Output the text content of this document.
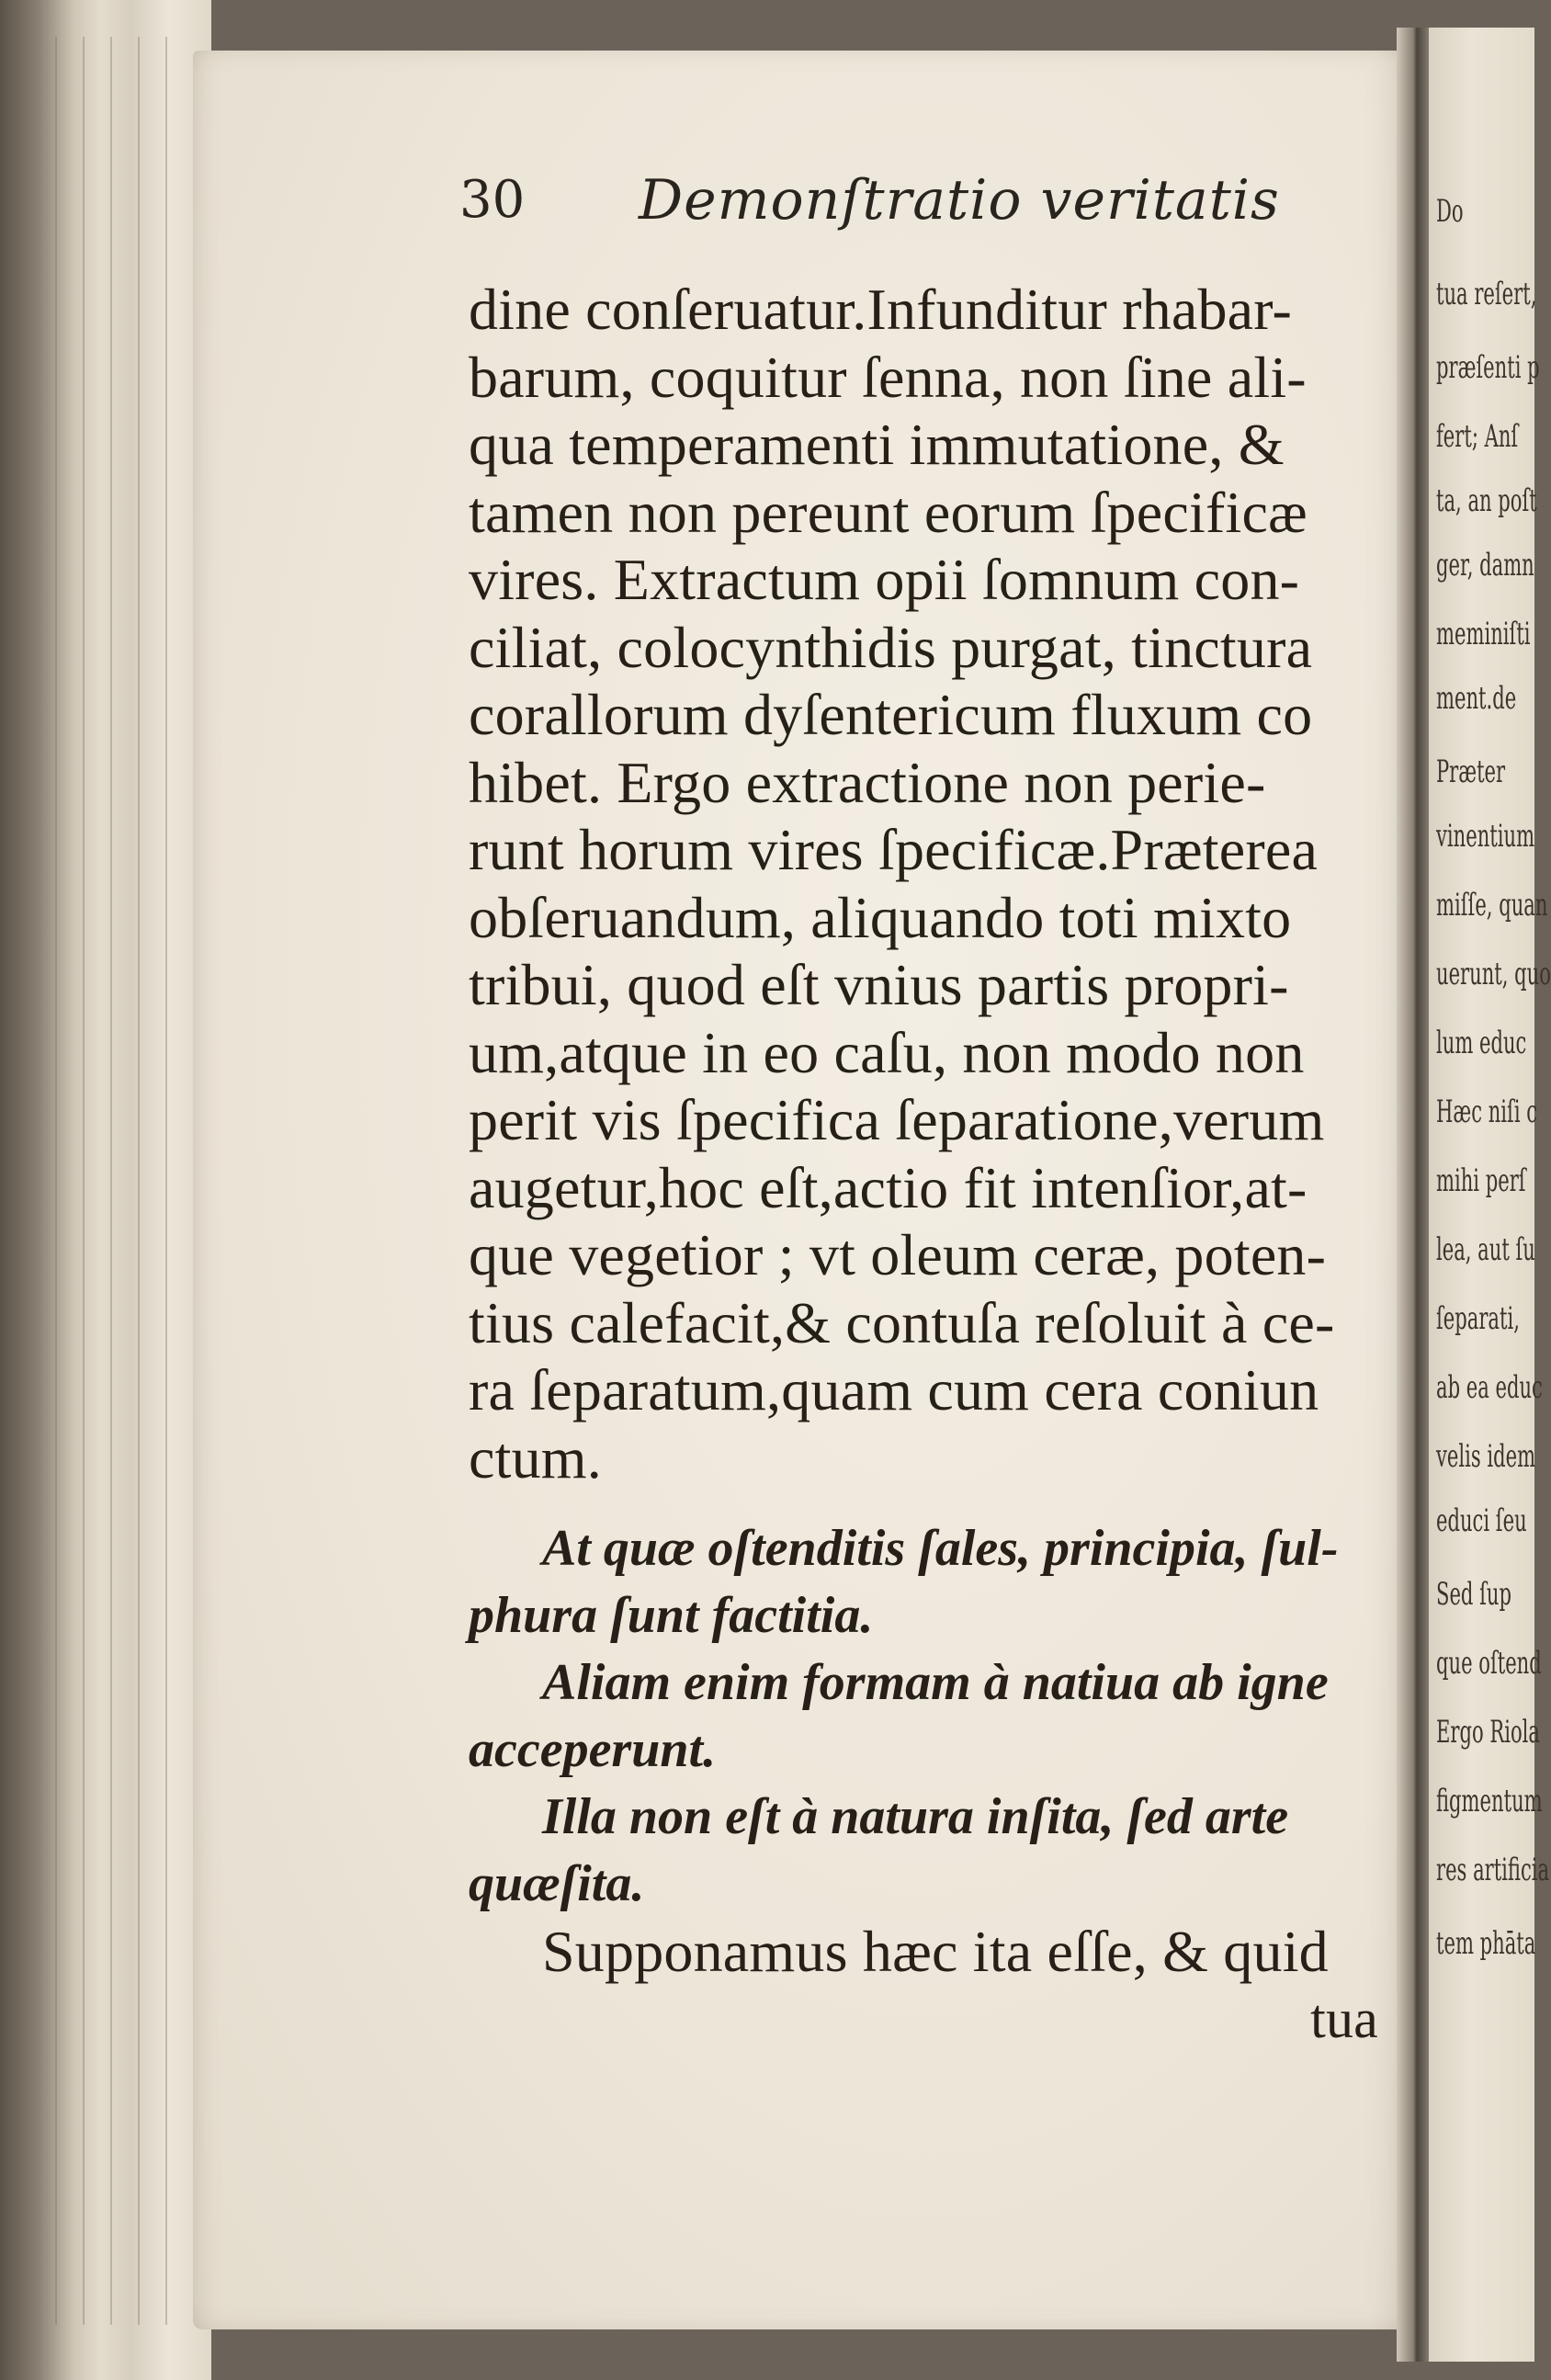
Do
tua reſert,
præſenti p
fert; Anſ
ta, an poſt
ger, damn
meminiſti
ment.de
Præter
vinentium
miſſe, quan
uerunt, quo
lum educ
Hæc niſi c
mihi perſ
lea, aut ſu
ſeparati,
ab ea educ
velis idem
educi ſeu
Sed ſup
que oſtend
Ergo Riola
figmentum
res artificia
tem phāta
30 Demonſtratio veritatis
dine conſeruatur.Infunditur rhabar-
barum, coquitur ſenna, non ſine ali-
qua temperamenti immutatione, &
tamen non pereunt eorum ſpecificæ
vires. Extractum opii ſomnum con-
ciliat, colocynthidis purgat, tinctura
corallorum dyſentericum fluxum co
hibet. Ergo extractione non perie-
runt horum vires ſpecificæ.Præterea
obſeruandum, aliquando toti mixto
tribui, quod eſt vnius partis propri-
um,atque in eo caſu, non modo non
perit vis ſpecifica ſeparatione,verum
augetur,hoc eſt,actio fit intenſior,at-
que vegetior ; vt oleum ceræ, poten-
tius calefacit,& contuſa reſoluit à ce-
ra ſeparatum,quam cum cera coniun
ctum.
At quæ oſtenditis ſales, principia, ſul-
phura ſunt factitia.
Aliam enim formam à natiua ab igne
acceperunt.
Illa non eſt à natura inſita, ſed arte
quæſita.
Supponamus hæc ita eſſe, & quid
tua
